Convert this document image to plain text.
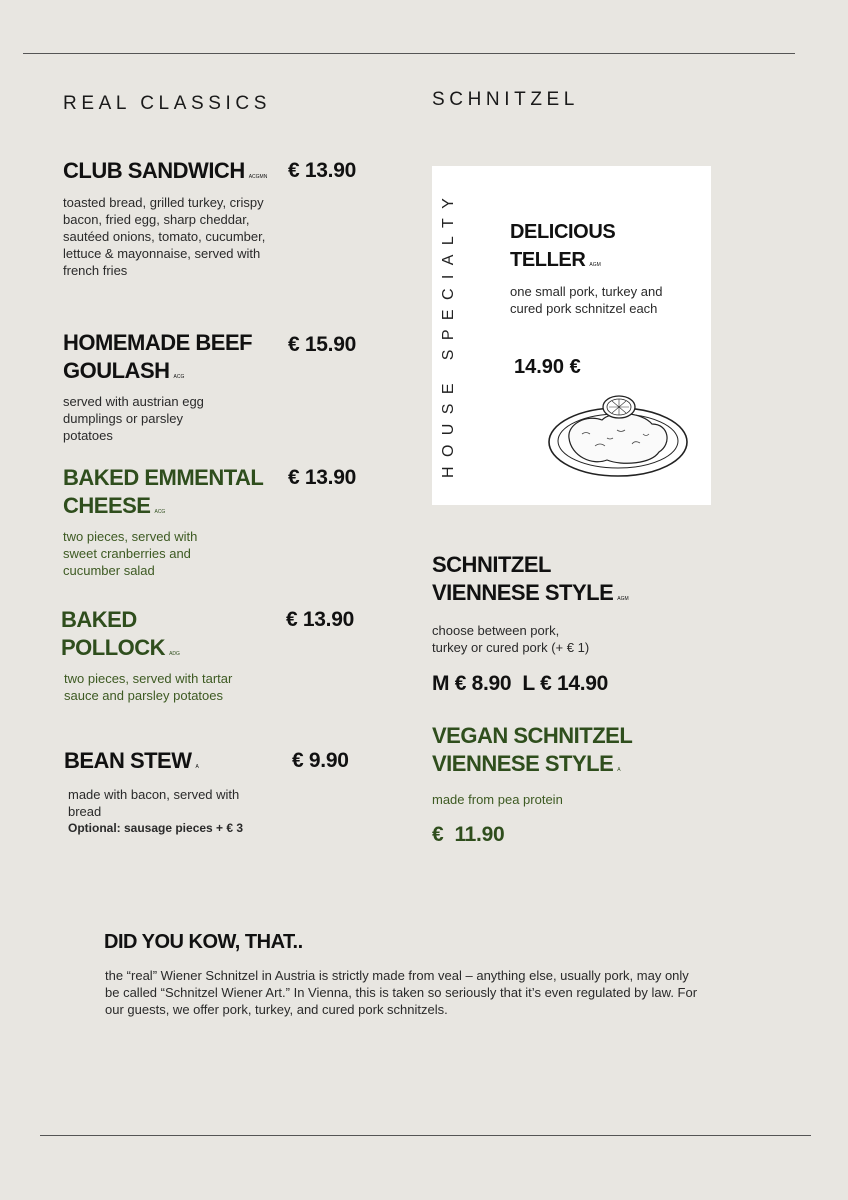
REAL CLASSICS
CLUB SANDWICH ACGMN € 13.90
toasted bread, grilled turkey, crispy bacon, fried egg, sharp cheddar, sautéed onions, tomato, cucumber, lettuce & mayonnaise, served with french fries
HOMEMADE BEEF
GOULASH ACG
€ 15.90
served with austrian egg dumplings or parsley potatoes
BAKED EMMENTAL
CHEESE ACG
€ 13.90
two pieces, served with sweet cranberries and cucumber salad
BAKED
POLLOCK ADG
€ 13.90
two pieces, served with tartar sauce and parsley potatoes
BEAN STEW A	€ 9.90
made with bacon, served with bread
Optional: sausage pieces + € 3
SCHNITZEL
HOUSE SPECIALTY	DELICIOUS
TELLER AGM
one small pork, turkey and cured pork schnitzel each
14.90 €
SCHNITZEL
VIENNESE STYLE AGM
choose between pork,
turkey or cured pork (+ € 1)
M € 8.90  L € 14.90
VEGAN SCHNITZEL
VIENNESE STYLE A
made from pea protein
€  11.90
DID YOU KOW, THAT..
the “real” Wiener Schnitzel in Austria is strictly made from veal – anything else, usually pork, may only be called “Schnitzel Wiener Art.” In Vienna, this is taken so seriously that it’s even regulated by law. For our guests, we offer pork, turkey, and cured pork schnitzels.
